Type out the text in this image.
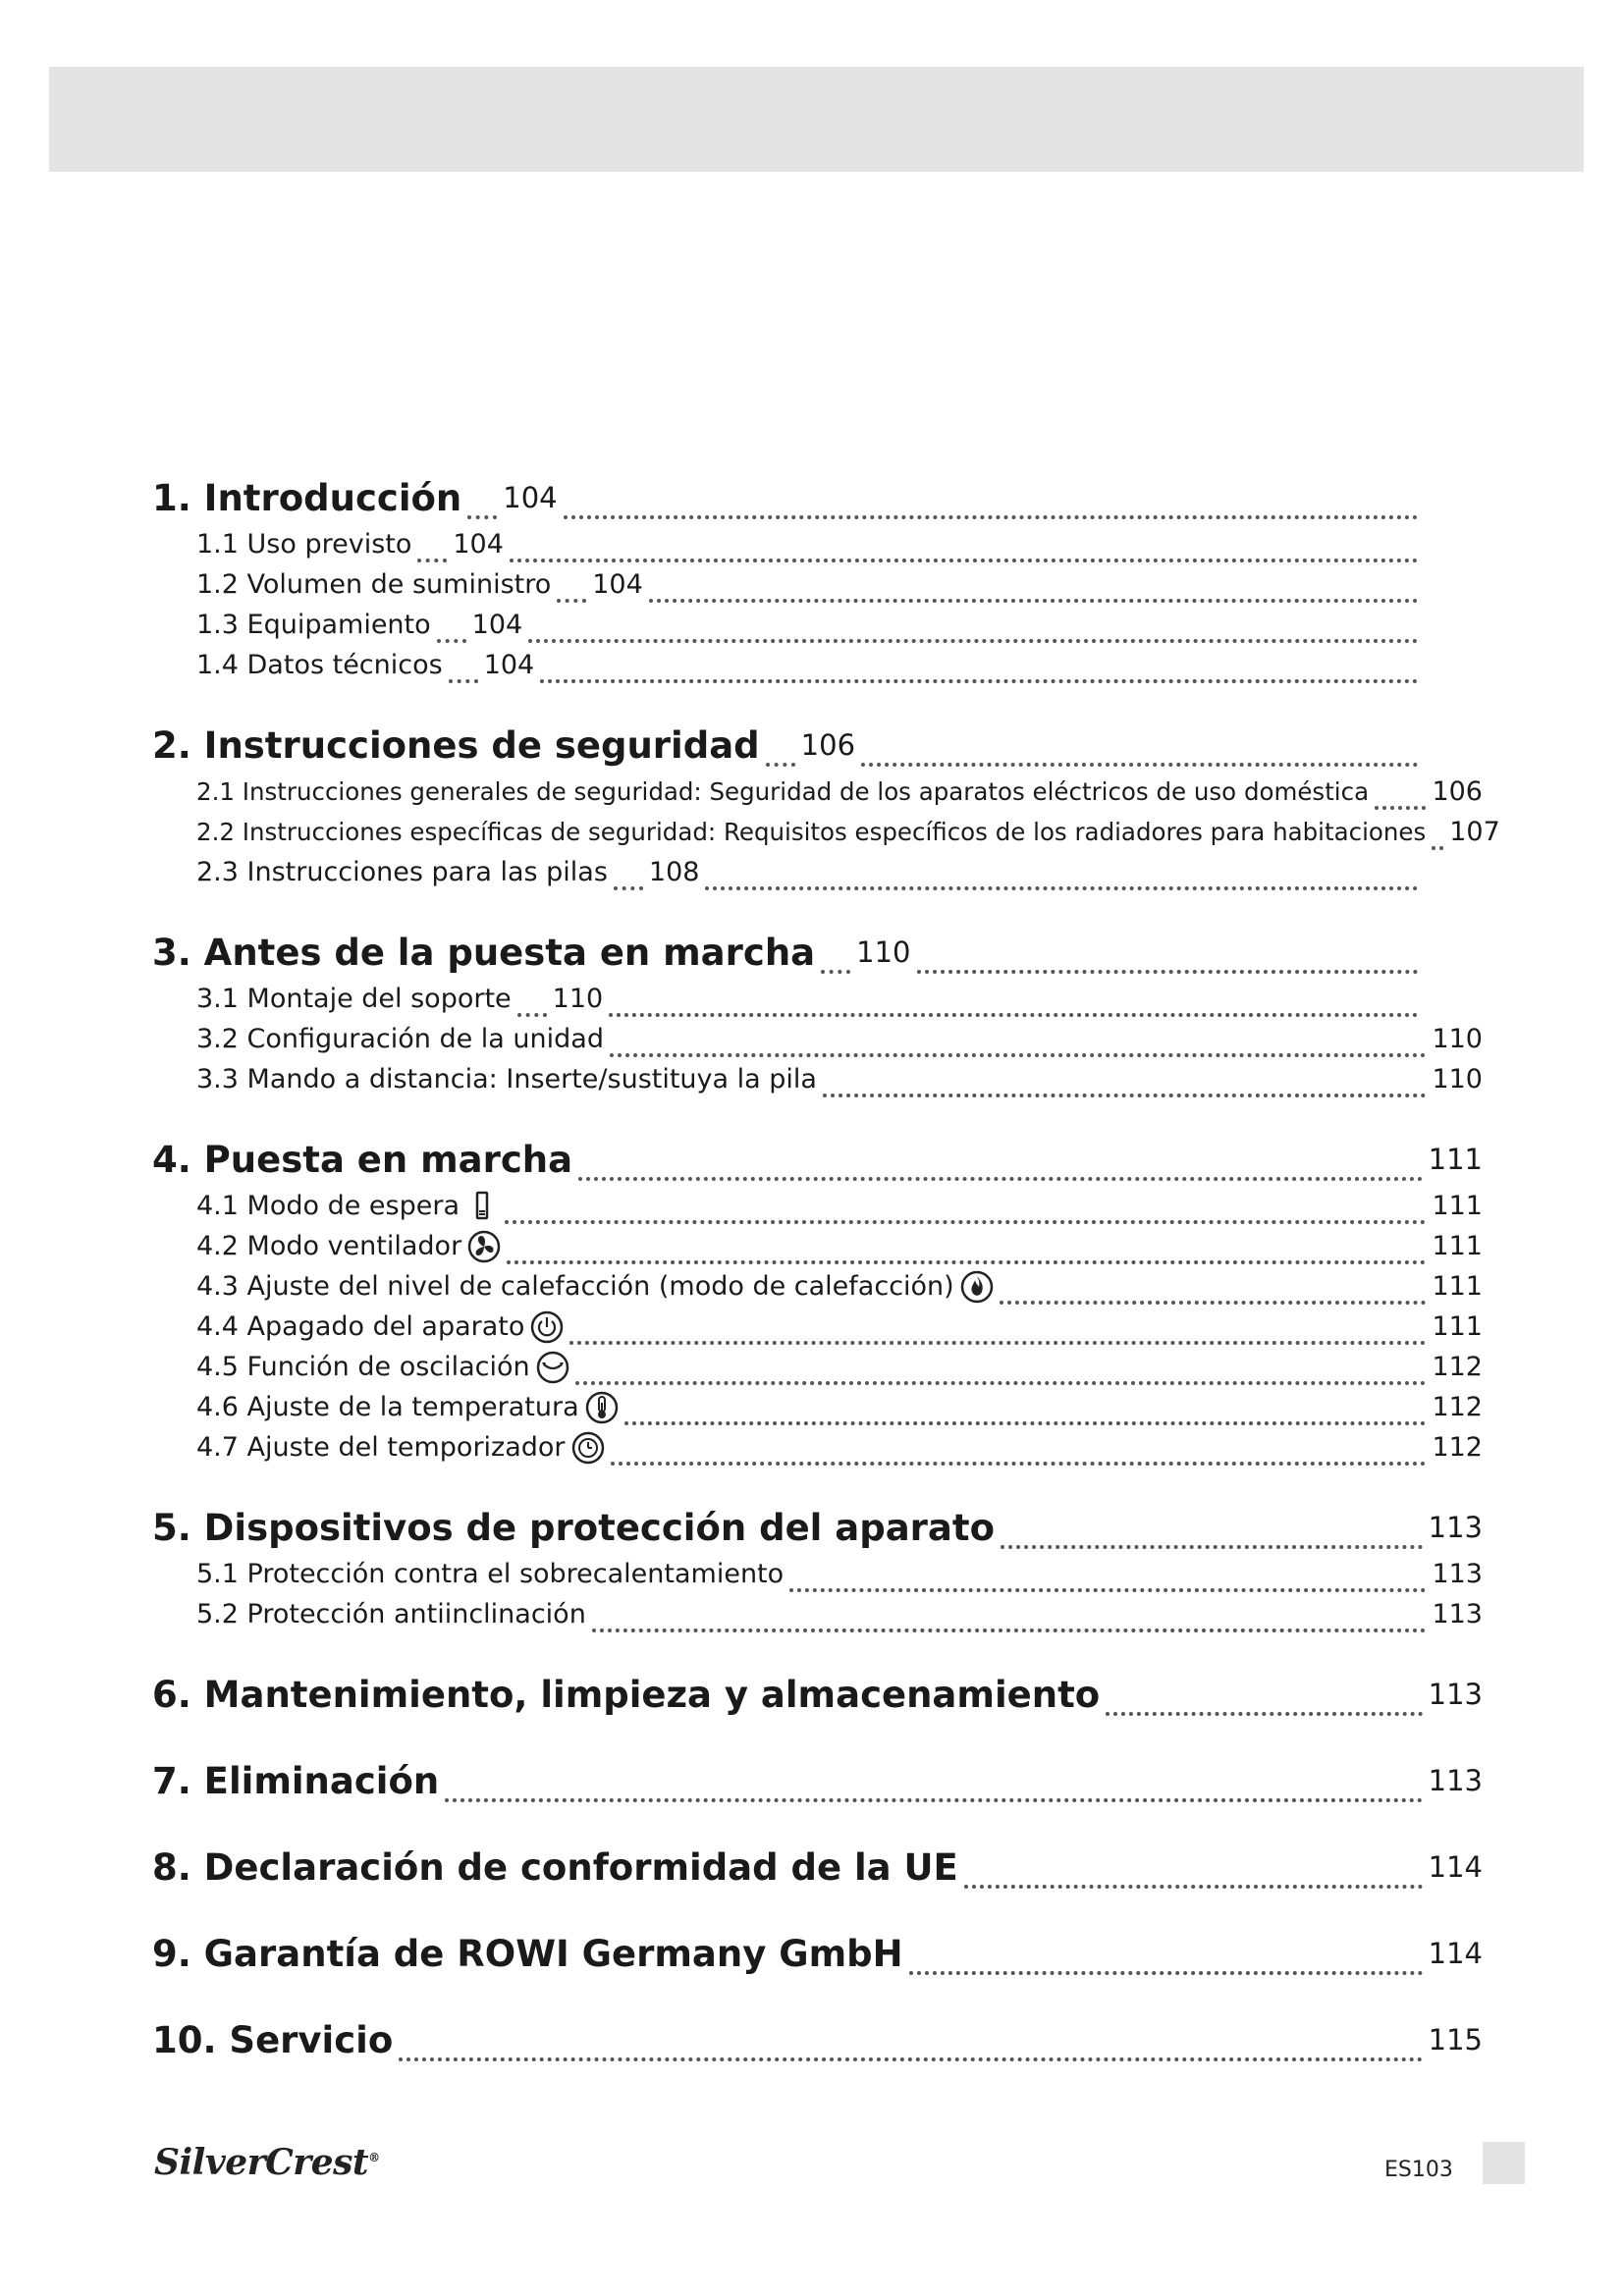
1. Introducción 104
1.1 Uso previsto 104
1.2 Volumen de suministro 104
1.3 Equipamiento 104
1.4 Datos técnicos 104
2. Instrucciones de seguridad 106
2.1 Instrucciones generales de seguridad: Seguridad de los aparatos eléctricos de uso doméstica 106
2.2 Instrucciones específicas de seguridad: Requisitos específicos de los radiadores para habitaciones 107
2.3 Instrucciones para las pilas 108
3. Antes de la puesta en marcha 110
3.1 Montaje del soporte 110
3.2 Configuración de la unidad	110
3.3 Mando a distancia: Inserte/sustituya la pila	110
4. Puesta en marcha	111
4.1 Modo de espera	111
4.2 Modo ventilador	111
4.3 Ajuste del nivel de calefacción (modo de calefacción)	111
4.4 Apagado del aparato	111
4.5 Función de oscilación	112
4.6 Ajuste de la temperatura	112
4.7 Ajuste del temporizador	112
5. Dispositivos de protección del aparato	113
5.1 Protección contra el sobrecalentamiento	113
5.2 Protección antiinclinación	113
6. Mantenimiento, limpieza y almacenamiento	113
7. Eliminación	113
8. Declaración de conformidad de la UE	114
9. Garantía de ROWI Germany GmbH	114
10. Servicio	115
SilverCrest®	ES103
